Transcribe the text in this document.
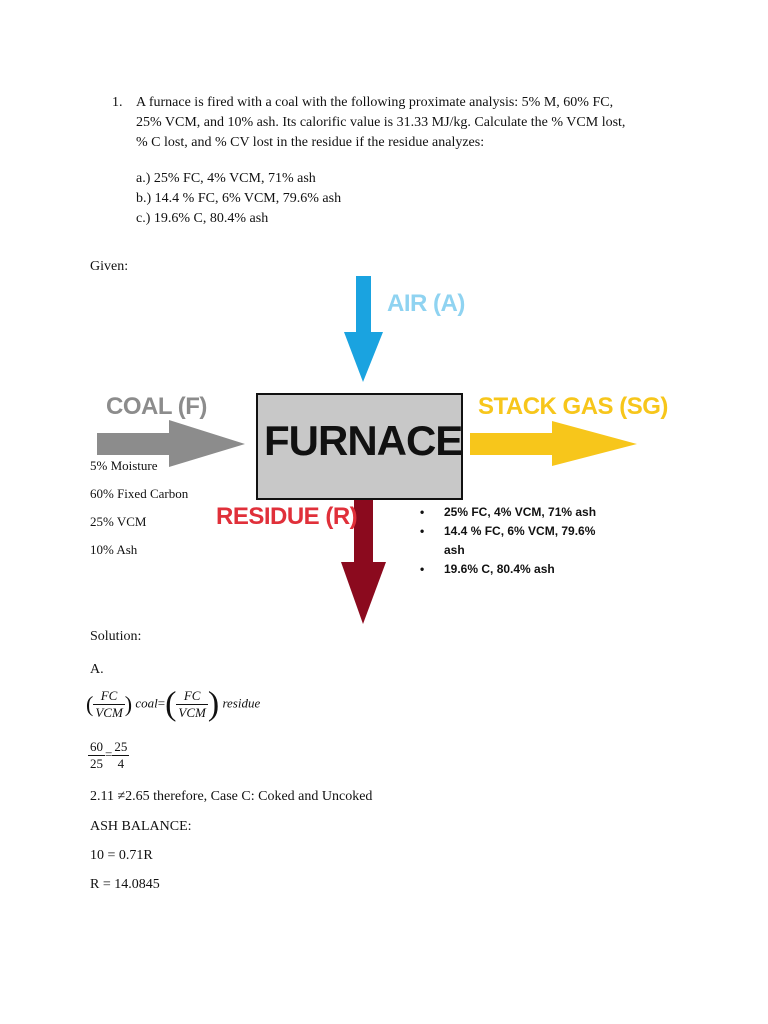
1. A furnace is fired with a coal with the following proximate analysis: 5% M, 60% FC,
25% VCM, and 10% ash. Its calorific value is 31.33 MJ/kg. Calculate the % VCM lost,
% C lost, and % CV lost in the residue if the residue analyzes:
a.) 25% FC, 4% VCM, 71% ash
b.) 14.4 % FC, 6% VCM, 79.6% ash
c.) 19.6% C, 80.4% ash
Given:
FURNACE
AIR (A)
COAL (F)	STACK GAS (SG)
RESIDUE (R)
5% Moisture
60% Fixed Carbon
25% VCM
10% Ash
• 25% FC, 4% VCM, 71% ash
• 14.4 % FC, 6% VCM, 79.6% ash
• 19.6% C, 80.4% ash
Solution:
A.
( $\frac{FC}{\text{VCM}}$ ) coal=( $\frac{FC}{\text{VCM}}$ ) residue
$\frac{60}{25} = \frac{25}{4}$
2.11 ≠2.65 therefore, Case C: Coked and Uncoked
ASH BALANCE:
10 = 0.71R
R = 14.0845
